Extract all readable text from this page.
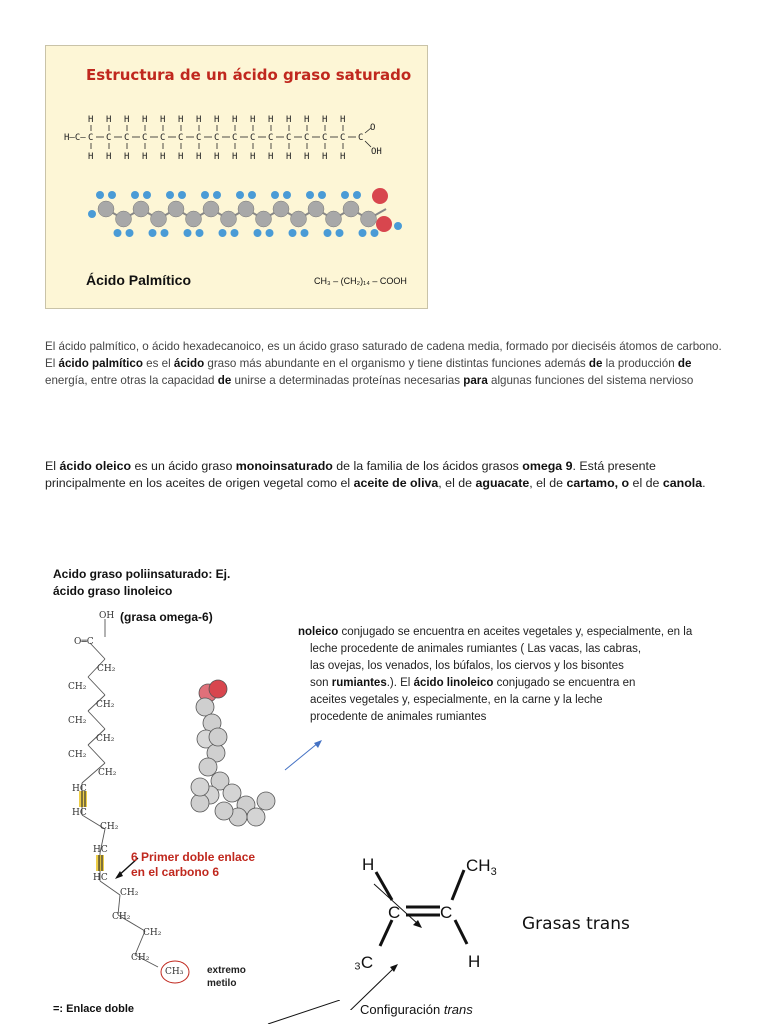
Estructura de un ácido graso saturado
H–C–
H
C
H
H
C
H
H
C
H
H
C
H
H
C
H
H
C
H
H
C
H
H
C
H
H
C
H
H
C
H
H
C
H
H
C
H
H
C
H
H
C
H
H
C
H
C
O
OH
Ácido Palmítico	CH₃ – (CH₂)₁₄ – COOH
El ácido palmítico, o ácido hexadecanoico, es un ácido graso saturado de cadena media, formado por dieciséis átomos de carbono. El ácido palmítico es el ácido graso más abundante en el organismo y tiene distintas funciones además de la producción de energía, entre otras la capacidad de unirse a determinadas proteínas necesarias para algunas funciones del sistema nervioso
El ácido oleico es un ácido graso monoinsaturado de la familia de los ácidos grasos omega 9. Está presente principalmente en los aceites de origen vegetal como el aceite de oliva, el de aguacate, el de cartamo, o el de canola.
Acido graso poliinsaturado: Ej.
ácido graso linoleico
OH (grasa omega-6)
O═C
CH₂
CH₂
CH₂
CH₂
CH₂
CH₂
CH₂
HC
HC
CH₂
HC
HC
CH₂
CH₂
CH₂
CH₂
CH₃
6 Primer doble enlace
en el carbono 6
extremo
metilo
=: Enlace doble
noleico conjugado se encuentra en aceites vegetales y, especialmente, en la
leche procedente de animales rumiantes ( Las vacas, las cabras,
las ovejas, los venados, los búfalos, los ciervos y los bisontes
son rumiantes.). El ácido linoleico conjugado se encuentra en
aceites vegetales y, especialmente, en la carne y la leche
procedente de animales rumiantes
H	$CH_3$
C C
H
₃C
Grasas trans
Configuración trans
